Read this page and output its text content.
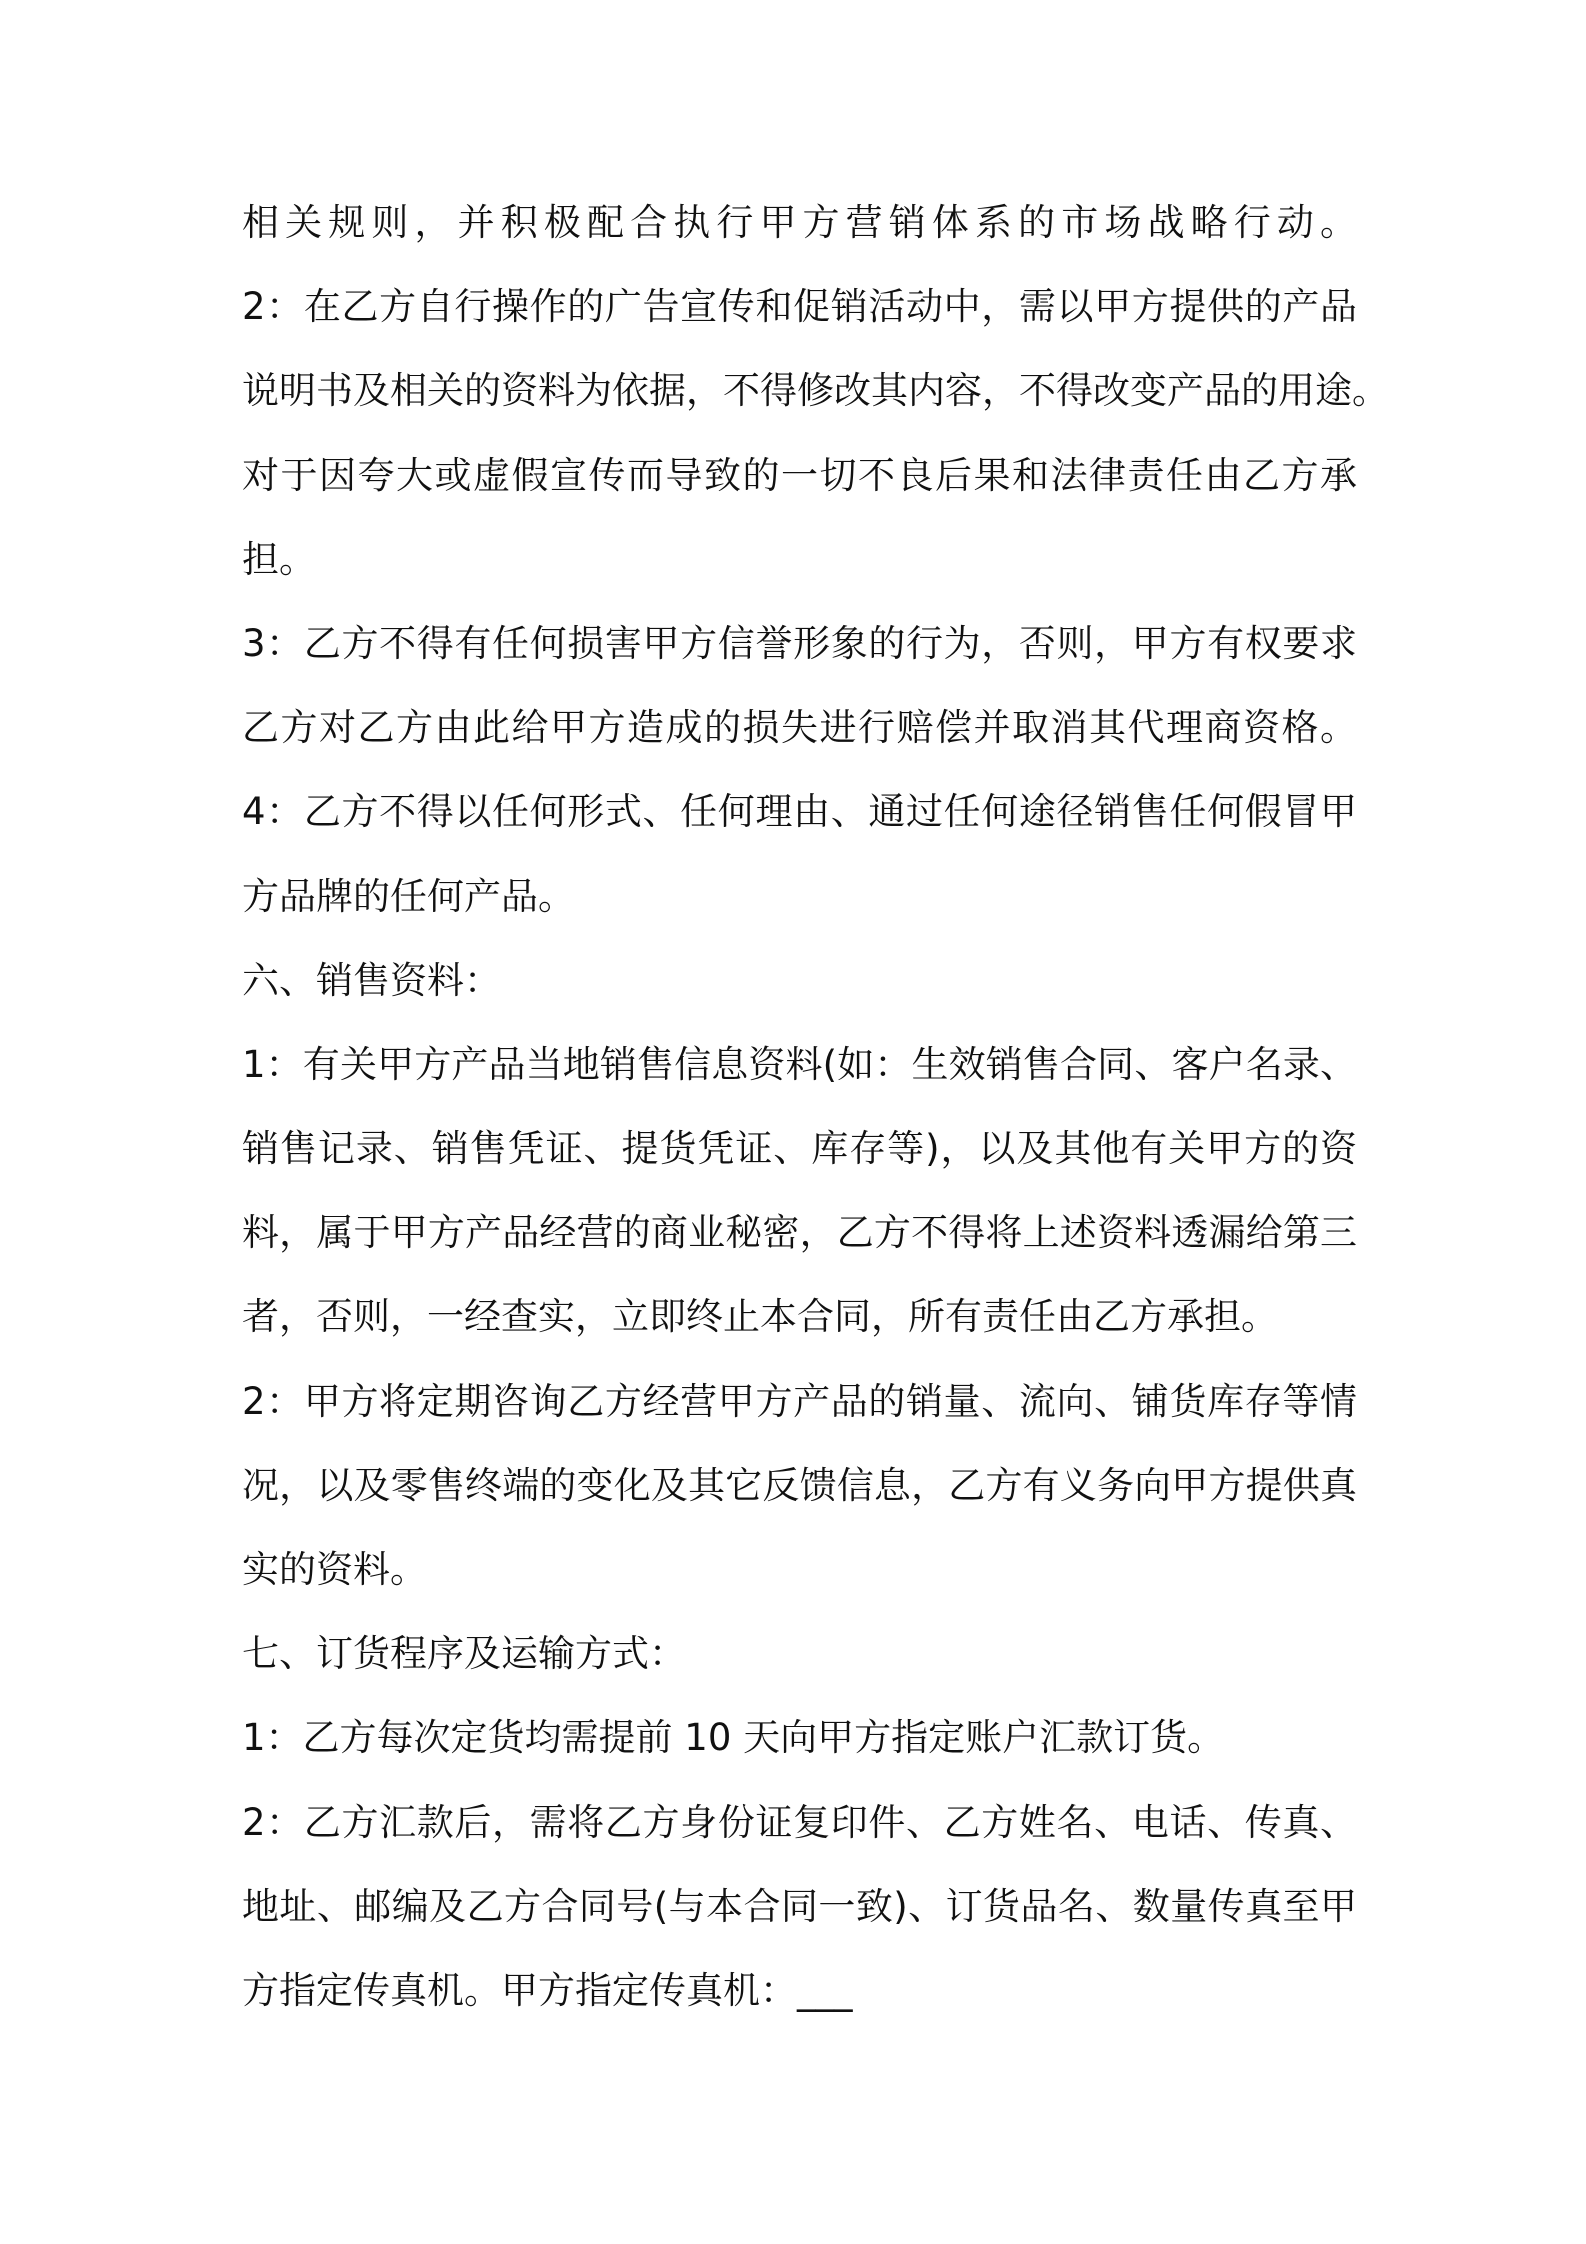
相关规则，并积极配合执行甲方营销体系的市场战略行动。
2：在乙方自行操作的广告宣传和促销活动中，需以甲方提供的产品
说明书及相关的资料为依据，不得修改其内容，不得改变产品的用途。
对于因夸大或虚假宣传而导致的一切不良后果和法律责任由乙方承
担。
3：乙方不得有任何损害甲方信誉形象的行为，否则，甲方有权要求
乙方对乙方由此给甲方造成的损失进行赔偿并取消其代理商资格。
4：乙方不得以任何形式、任何理由、通过任何途径销售任何假冒甲
方品牌的任何产品。
六、销售资料：
1：有关甲方产品当地销售信息资料(如：生效销售合同、客户名录、
销售记录、销售凭证、提货凭证、库存等)，以及其他有关甲方的资
料，属于甲方产品经营的商业秘密，乙方不得将上述资料透漏给第三
者，否则，一经查实，立即终止本合同，所有责任由乙方承担。
2：甲方将定期咨询乙方经营甲方产品的销量、流向、铺货库存等情
况，以及零售终端的变化及其它反馈信息，乙方有义务向甲方提供真
实的资料。
七、订货程序及运输方式：
1：乙方每次定货均需提前 10 天向甲方指定账户汇款订货。
2：乙方汇款后，需将乙方身份证复印件、乙方姓名、电话、传真、
地址、邮编及乙方合同号(与本合同一致)、订货品名、数量传真至甲
方指定传真机。甲方指定传真机：___
